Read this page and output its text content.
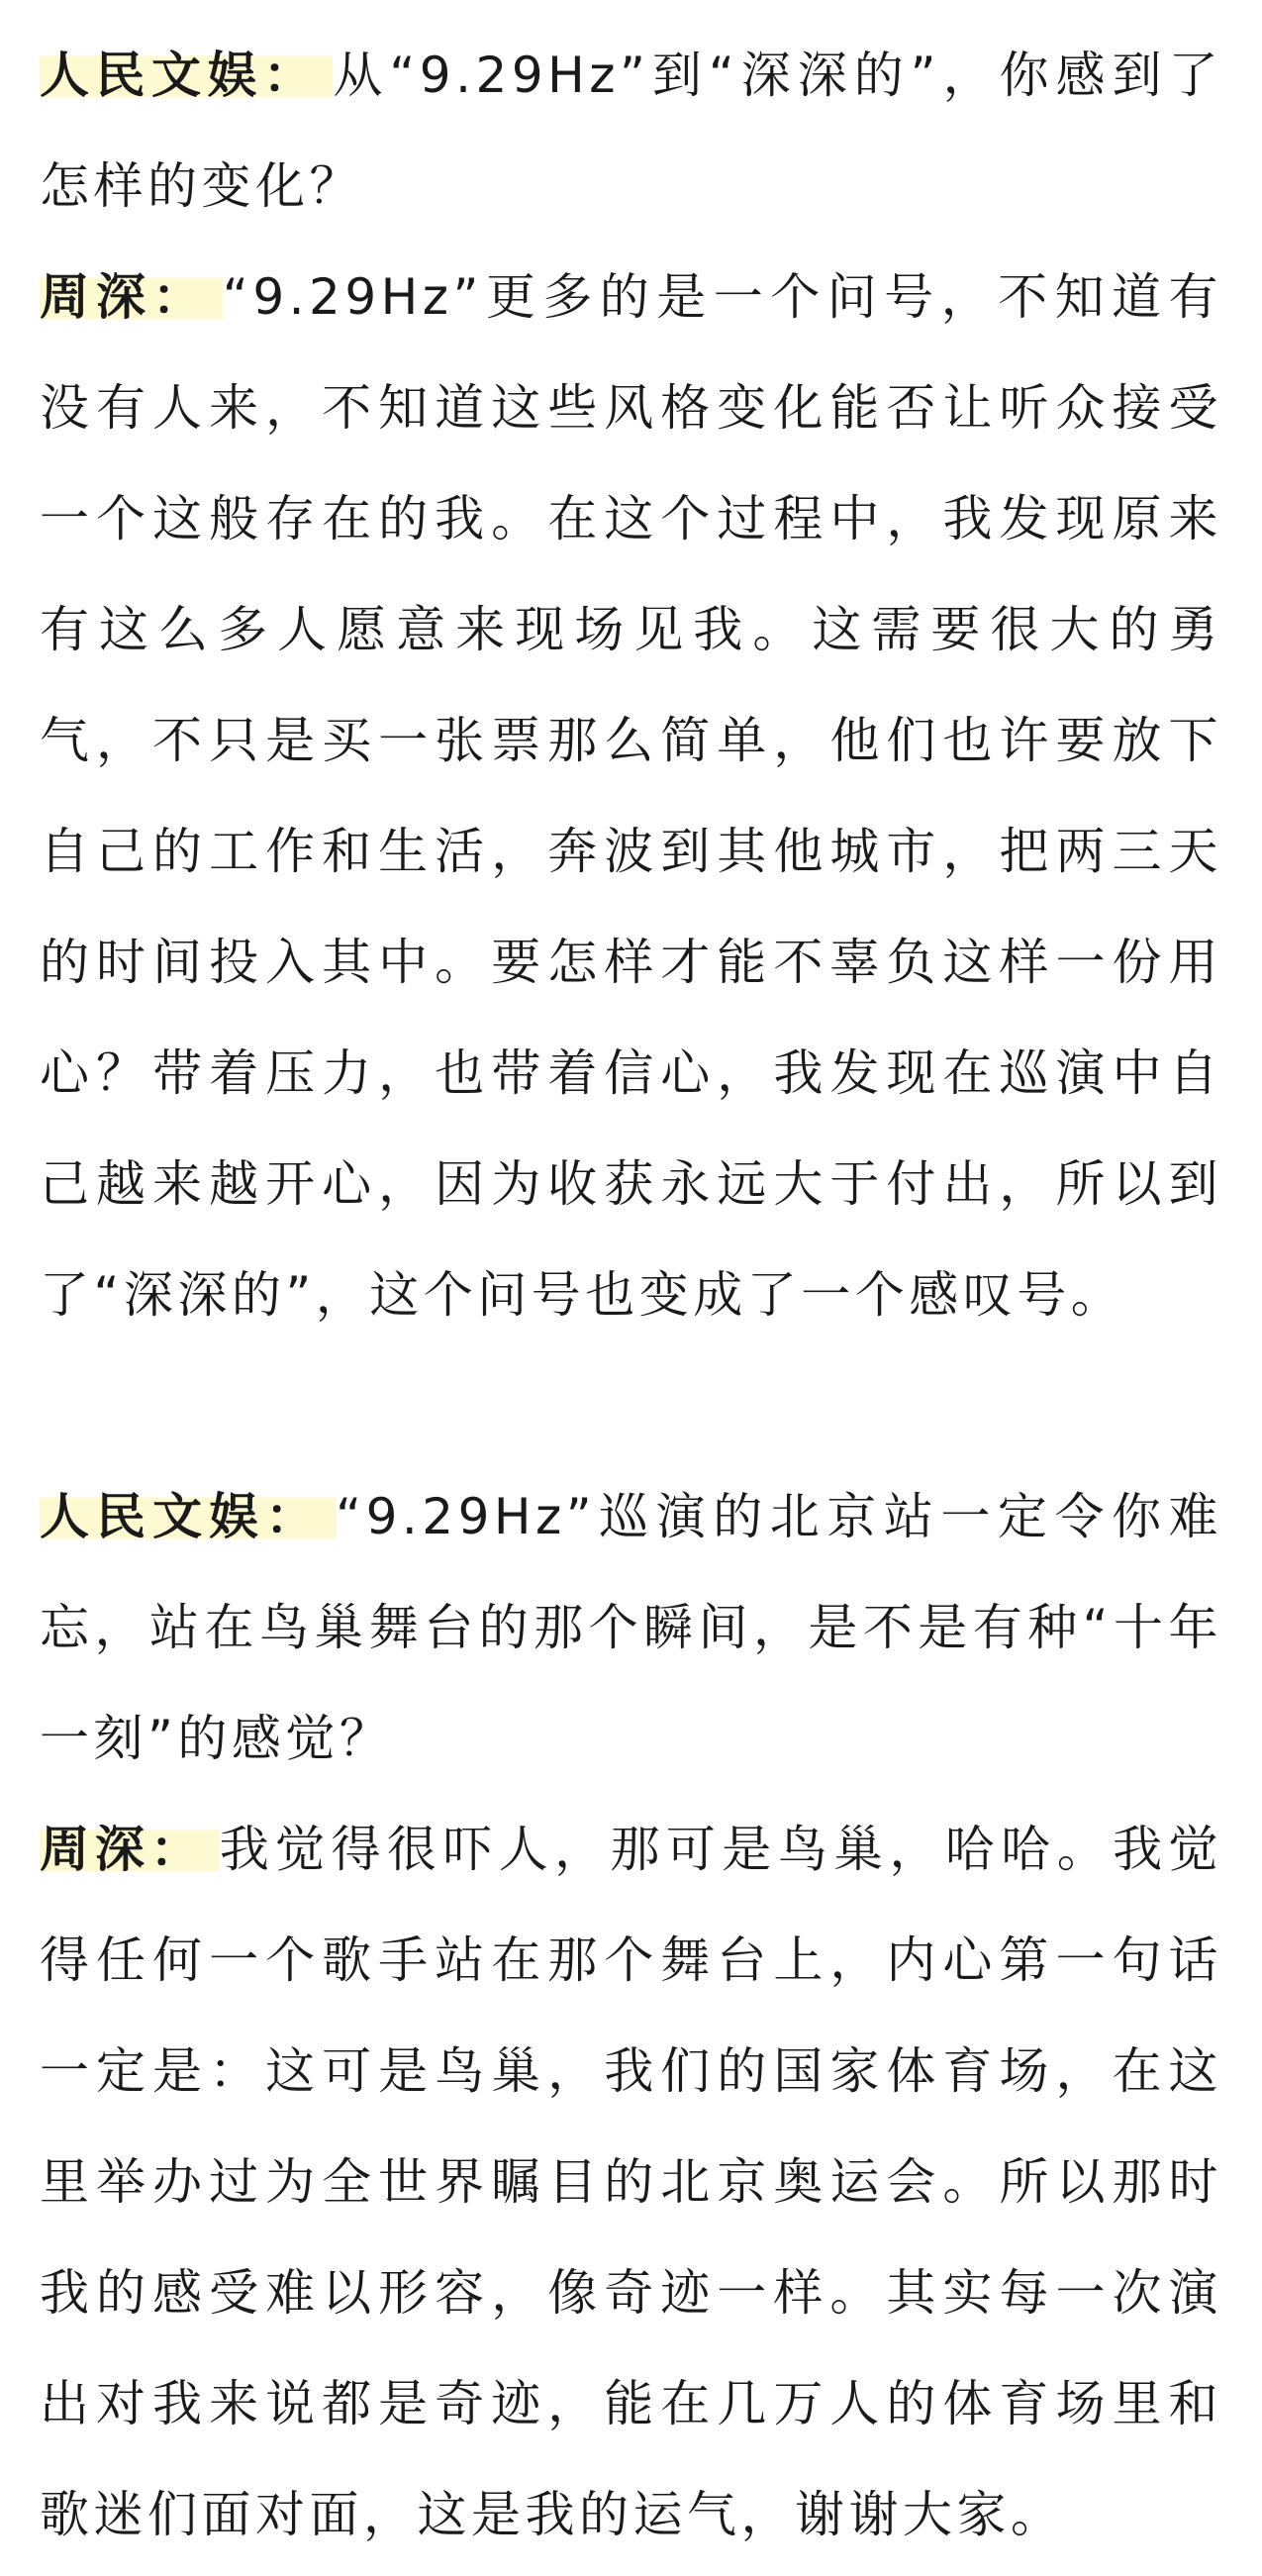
人民文娱： 从“9.29Hz”到“深深的”，你感到了怎样的变化？

周深： “9.29Hz”更多的是一个问号，不知道有没有人来，不知道这些风格变化能否让听众接受一个这般存在的我。在这个过程中，我发现原来有这么多人愿意来现场见我。这需要很大的勇气，不只是买一张票那么简单，他们也许要放下自己的工作和生活，奔波到其他城市，把两三天的时间投入其中。要怎样才能不辜负这样一份用心？带着压力，也带着信心，我发现在巡演中自己越来越开心，因为收获永远大于付出，所以到了“深深的”，这个问号也变成了一个感叹号。

人民文娱： “9.29Hz”巡演的北京站一定令你难忘，站在鸟巢舞台的那个瞬间，是不是有种“十年一刻”的感觉？

周深： 我觉得很吓人，那可是鸟巢，哈哈。我觉得任何一个歌手站在那个舞台上，内心第一句话一定是：这可是鸟巢，我们的国家体育场，在这里举办过为全世界瞩目的北京奥运会。所以那时我的感受难以形容，像奇迹一样。其实每一次演出对我来说都是奇迹，能在几万人的体育场里和歌迷们面对面，这是我的运气，谢谢大家。
